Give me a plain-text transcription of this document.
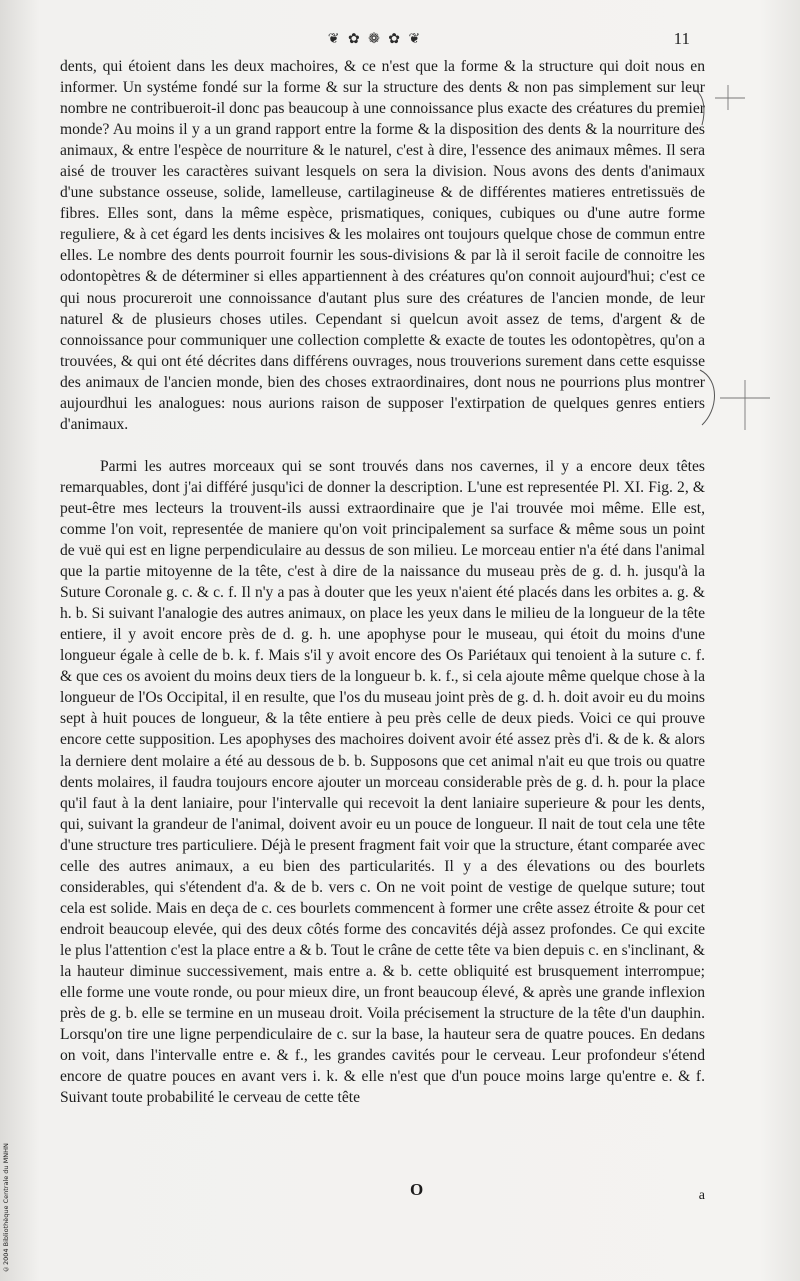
❦ ✿ ❁ ✿ ❦	11

dents, qui étoient dans les deux machoires, & ce n'est que la forme & la structure qui doit nous en informer. Un systéme fondé sur la forme & sur la structure des dents & non pas simplement sur leur nombre ne contribueroit-il donc pas beaucoup à une connoissance plus exacte des créatures du premier monde? Au moins il y a un grand rapport entre la forme & la disposition des dents & la nourriture des animaux, & entre l'espèce de nourriture & le naturel, c'est à dire, l'essence des animaux mêmes. Il sera aisé de trouver les caractères suivant lesquels on sera la division. Nous avons des dents d'animaux d'une substance osseuse, solide, lamelleuse, cartilagineuse & de différentes matieres entretissuës de fibres. Elles sont, dans la même espèce, prismatiques, coniques, cubiques ou d'une autre forme reguliere, & à cet égard les dents incisives & les molaires ont toujours quelque chose de commun entre elles. Le nombre des dents pourroit fournir les sous-divisions & par là il seroit facile de connoitre les odontopètres & de déterminer si elles appartiennent à des créatures qu'on connoit aujourd'hui; c'est ce qui nous procureroit une connoissance d'autant plus sure des créatures de l'ancien monde, de leur naturel & de plusieurs choses utiles. Cependant si quelcun avoit assez de tems, d'argent & de connoissance pour communiquer une collection complette & exacte de toutes les odontopètres, qu'on a trouvées, & qui ont été décrites dans différens ouvrages, nous trouverions surement dans cette esquisse des animaux de l'ancien monde, bien des choses extraordinaires, dont nous ne pourrions plus montrer aujourdhui les analogues: nous aurions raison de supposer l'extirpation de quelques genres entiers d'animaux.

Parmi les autres morceaux qui se sont trouvés dans nos cavernes, il y a encore deux têtes remarquables, dont j'ai différé jusqu'ici de donner la description. L'une est representée Pl. XI. Fig. 2, & peut-être mes lecteurs la trouvent-ils aussi extraordinaire que je l'ai trouvée moi même. Elle est, comme l'on voit, representée de maniere qu'on voit principalement sa surface & même sous un point de vuë qui est en ligne perpendiculaire au dessus de son milieu. Le morceau entier n'a été dans l'animal que la partie mitoyenne de la tête, c'est à dire de la naissance du museau près de g. d. h. jusqu'à la Suture Coronale g. c. & c. f. Il n'y a pas à douter que les yeux n'aient été placés dans les orbites a. g. & h. b. Si suivant l'analogie des autres animaux, on place les yeux dans le milieu de la longueur de la tête entiere, il y avoit encore près de d. g. h. une apophyse pour le museau, qui étoit du moins d'une longueur égale à celle de b. k. f. Mais s'il y avoit encore des Os Pariétaux qui tenoient à la suture c. f. & que ces os avoient du moins deux tiers de la longueur b. k. f., si cela ajoute même quelque chose à la longueur de l'Os Occipital, il en resulte, que l'os du museau joint près de g. d. h. doit avoir eu du moins sept à huit pouces de longueur, & la tête entiere à peu près celle de deux pieds. Voici ce qui prouve encore cette supposition. Les apophyses des machoires doivent avoir été assez près d'i. & de k. & alors la derniere dent molaire a été au dessous de b. b. Supposons que cet animal n'ait eu que trois ou quatre dents molaires, il faudra toujours encore ajouter un morceau considerable près de g. d. h. pour la place qu'il faut à la dent laniaire, pour l'intervalle qui recevoit la dent laniaire superieure & pour les dents, qui, suivant la grandeur de l'animal, doivent avoir eu un pouce de longueur. Il nait de tout cela une tête d'une structure tres particuliere. Déjà le present fragment fait voir que la structure, étant comparée avec celle des autres animaux, a eu bien des particularités. Il y a des élevations ou des bourlets considerables, qui s'étendent d'a. & de b. vers c. On ne voit point de vestige de quelque suture; tout cela est solide. Mais en deça de c. ces bourlets commencent à former une crête assez étroite & pour cet endroit beaucoup elevée, qui des deux côtés forme des concavités déjà assez profondes. Ce qui excite le plus l'attention c'est la place entre a & b. Tout le crâne de cette tête va bien depuis c. en s'inclinant, & la hauteur diminue successivement, mais entre a. & b. cette obliquité est brusquement interrompue; elle forme une voute ronde, ou pour mieux dire, un front beaucoup élevé, & après une grande inflexion près de g. b. elle se termine en un museau droit. Voila précisement la structure de la tête d'un dauphin. Lorsqu'on tire une ligne perpendiculaire de c. sur la base, la hauteur sera de quatre pouces. En dedans on voit, dans l'intervalle entre e. & f., les grandes cavités pour le cerveau. Leur profondeur s'étend encore de quatre pouces en avant vers i. k. & elle n'est que d'un pouce moins large qu'entre e. & f. Suivant toute probabilité le cerveau de cette tête

O	a
©2004 Bibliothèque Centrale du MNHN
